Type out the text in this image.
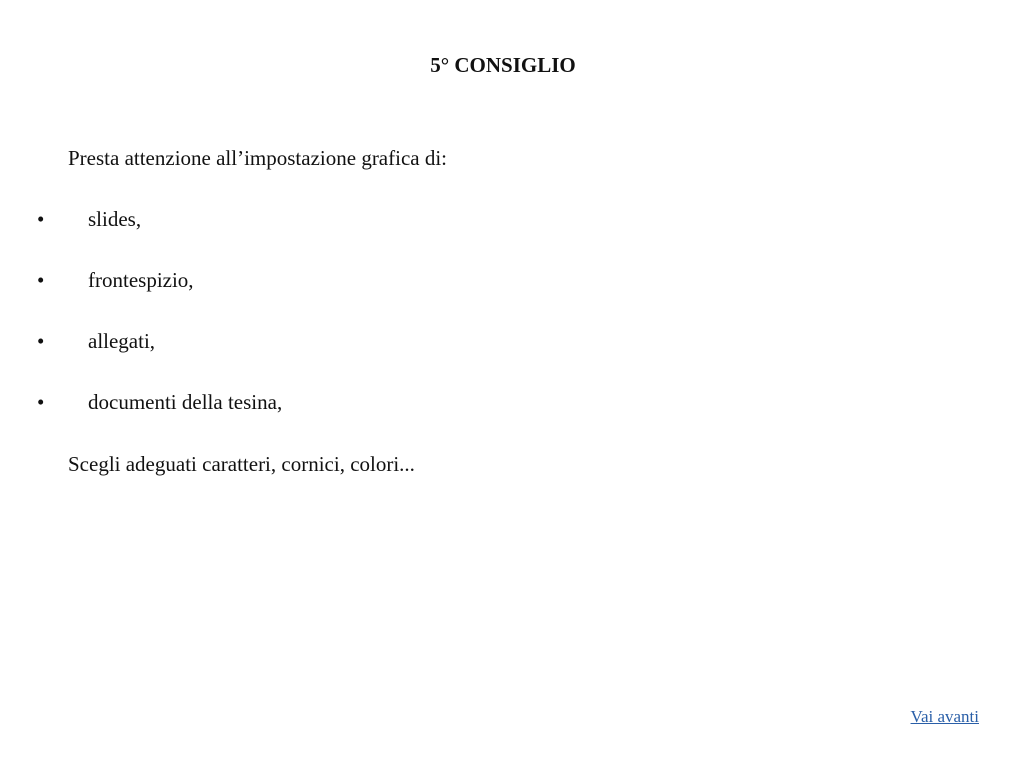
5° CONSIGLIO

Presta attenzione all’impostazione grafica di:

• slides,
• frontespizio,
• allegati,
• documenti della tesina,

Scegli adeguati caratteri, cornici, colori...

Vai avanti
